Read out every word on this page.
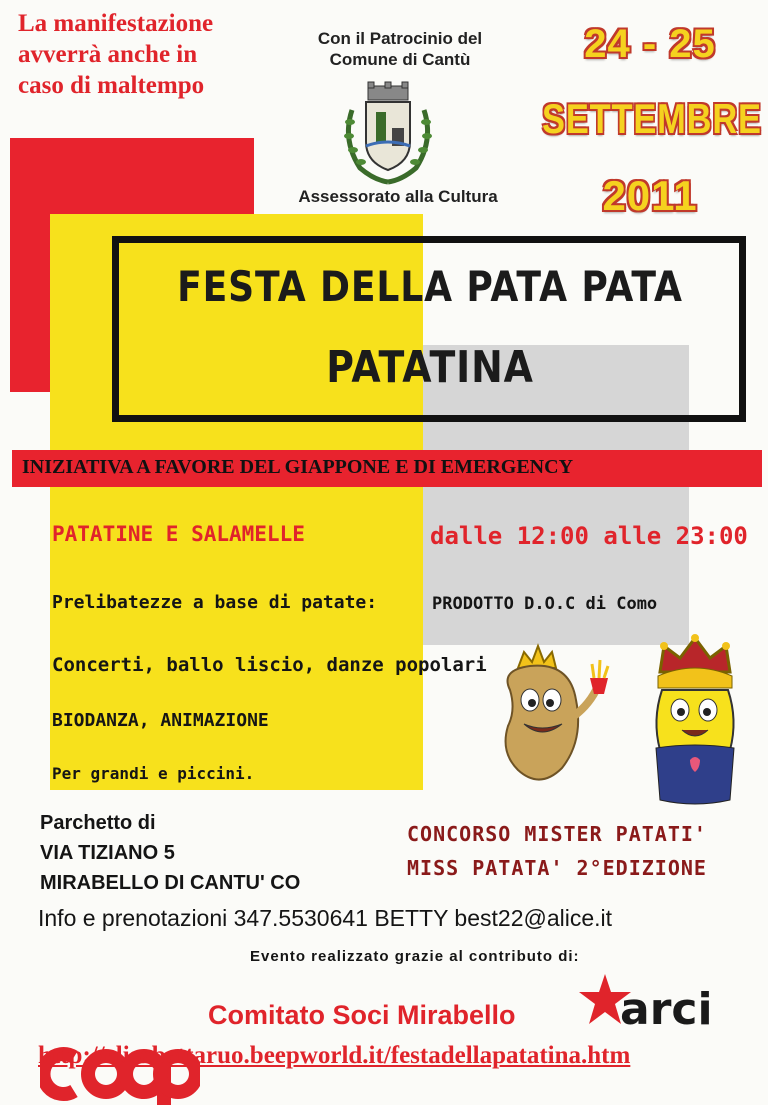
La manifestazione
avverrà anche in
caso di maltempo
Con il Patrocinio del
Comune di Cantù
Assessorato alla Cultura
24 - 25
SETTEMBRE
2011
FESTA DELLA PATA PATA
PATATINA
INIZIATIVA A FAVORE DEL GIAPPONE E DI EMERGENCY
PATATINE E SALAMELLE	dalle 12:00 alle 23:00
Prelibatezze a base di patate:	PRODOTTO D.O.C di Como
Concerti, ballo liscio, danze popolari
BIODANZA, ANIMAZIONE
Per grandi e piccini.
Parchetto di
VIA TIZIANO 5
MIRABELLO DI CANTU' CO
CONCORSO MISTER PATATI'
MISS PATATA' 2°EDIZIONE
Info e prenotazioni 347.5530641 BETTY best22@alice.it
Evento realizzato grazie al contributo di:
Comitato Soci Mirabello arci
http://elisabettaruo.beepworld.it/festadellapatatina.htm
